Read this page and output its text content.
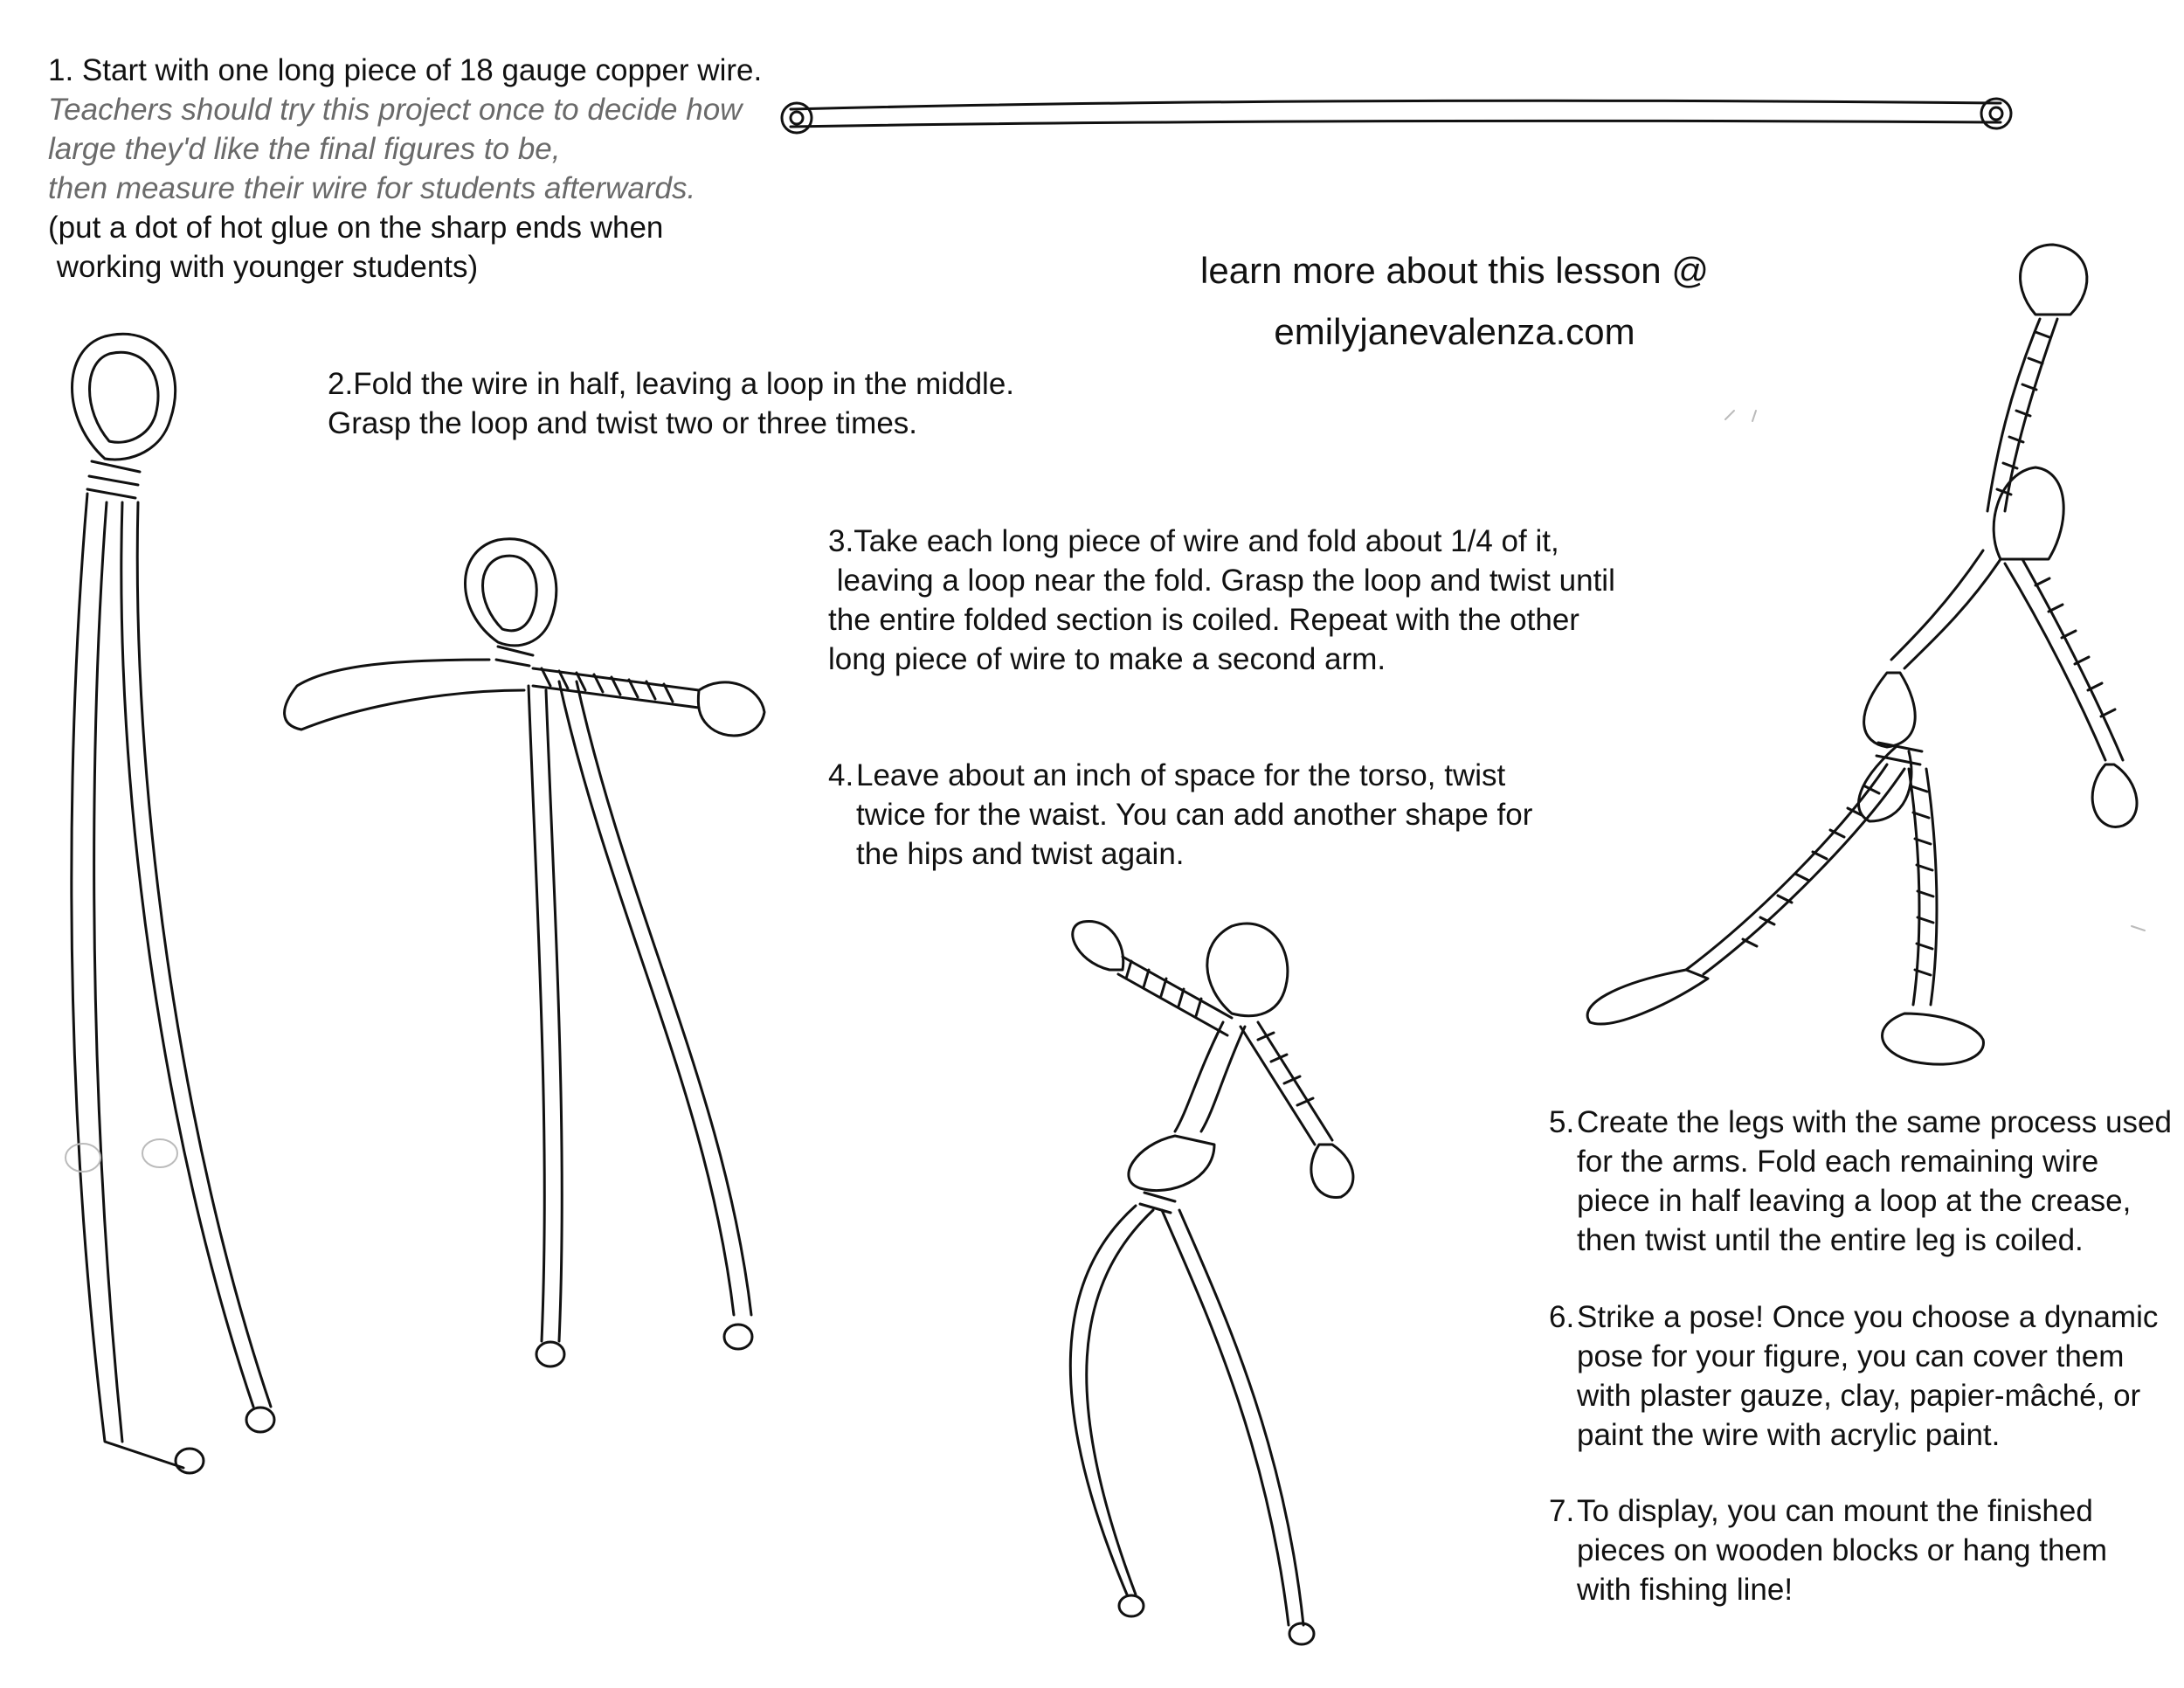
1. Start with one long piece of 18 gauge copper wire.
Teachers should try this project once to decide how
large they'd like the final figures to be,
then measure their wire for students afterwards.
(put a dot of hot glue on the sharp ends when
working with younger students)	learn more about this lesson @
emilyjanevalenza.com
2.Fold the wire in half, leaving a loop in the middle.
Grasp the loop and twist two or three times.
3.Take each long piece of wire and fold about 1/4 of it,
leaving a loop near the fold. Grasp the loop and twist until
the entire folded section is coiled. Repeat with the other
long piece of wire to make a second arm.
4. Leave about an inch of space for the torso, twist
twice for the waist. You can add another shape for
the hips and twist again.
5. Create the legs with the same process used
for the arms. Fold each remaining wire
piece in half leaving a loop at the crease,
then twist until the entire leg is coiled.
6. Strike a pose! Once you choose a dynamic
pose for your figure, you can cover them
with plaster gauze, clay, papier-mâché, or
paint the wire with acrylic paint.
7. To display, you can mount the finished
pieces on wooden blocks or hang them
with fishing line!
